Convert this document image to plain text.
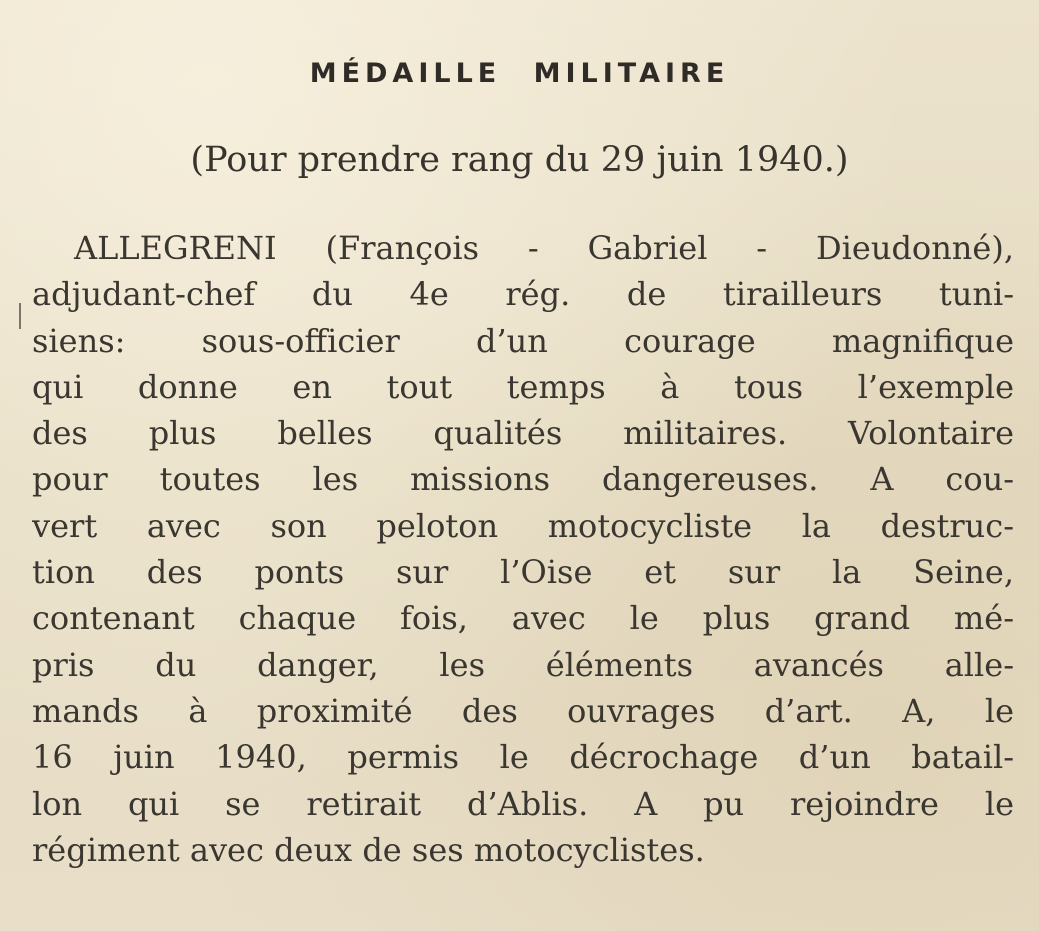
MÉDAILLE MILITAIRE

(Pour prendre rang du 29 juin 1940.)

ALLEGRENI (François - Gabriel - Dieudonné),
adjudant-chef du 4e rég. de tirailleurs tuni-
siens: sous-officier d’un courage magnifique
qui donne en tout temps à tous l’exemple
des plus belles qualités militaires. Volontaire
pour toutes les missions dangereuses. A cou-
vert avec son peloton motocycliste la destruc-
tion des ponts sur l’Oise et sur la Seine,
contenant chaque fois, avec le plus grand mé-
pris du danger, les éléments avancés alle-
mands à proximité des ouvrages d’art. A, le
16 juin 1940, permis le décrochage d’un batail-
lon qui se retirait d’Ablis. A pu rejoindre le
régiment avec deux de ses motocyclistes.
